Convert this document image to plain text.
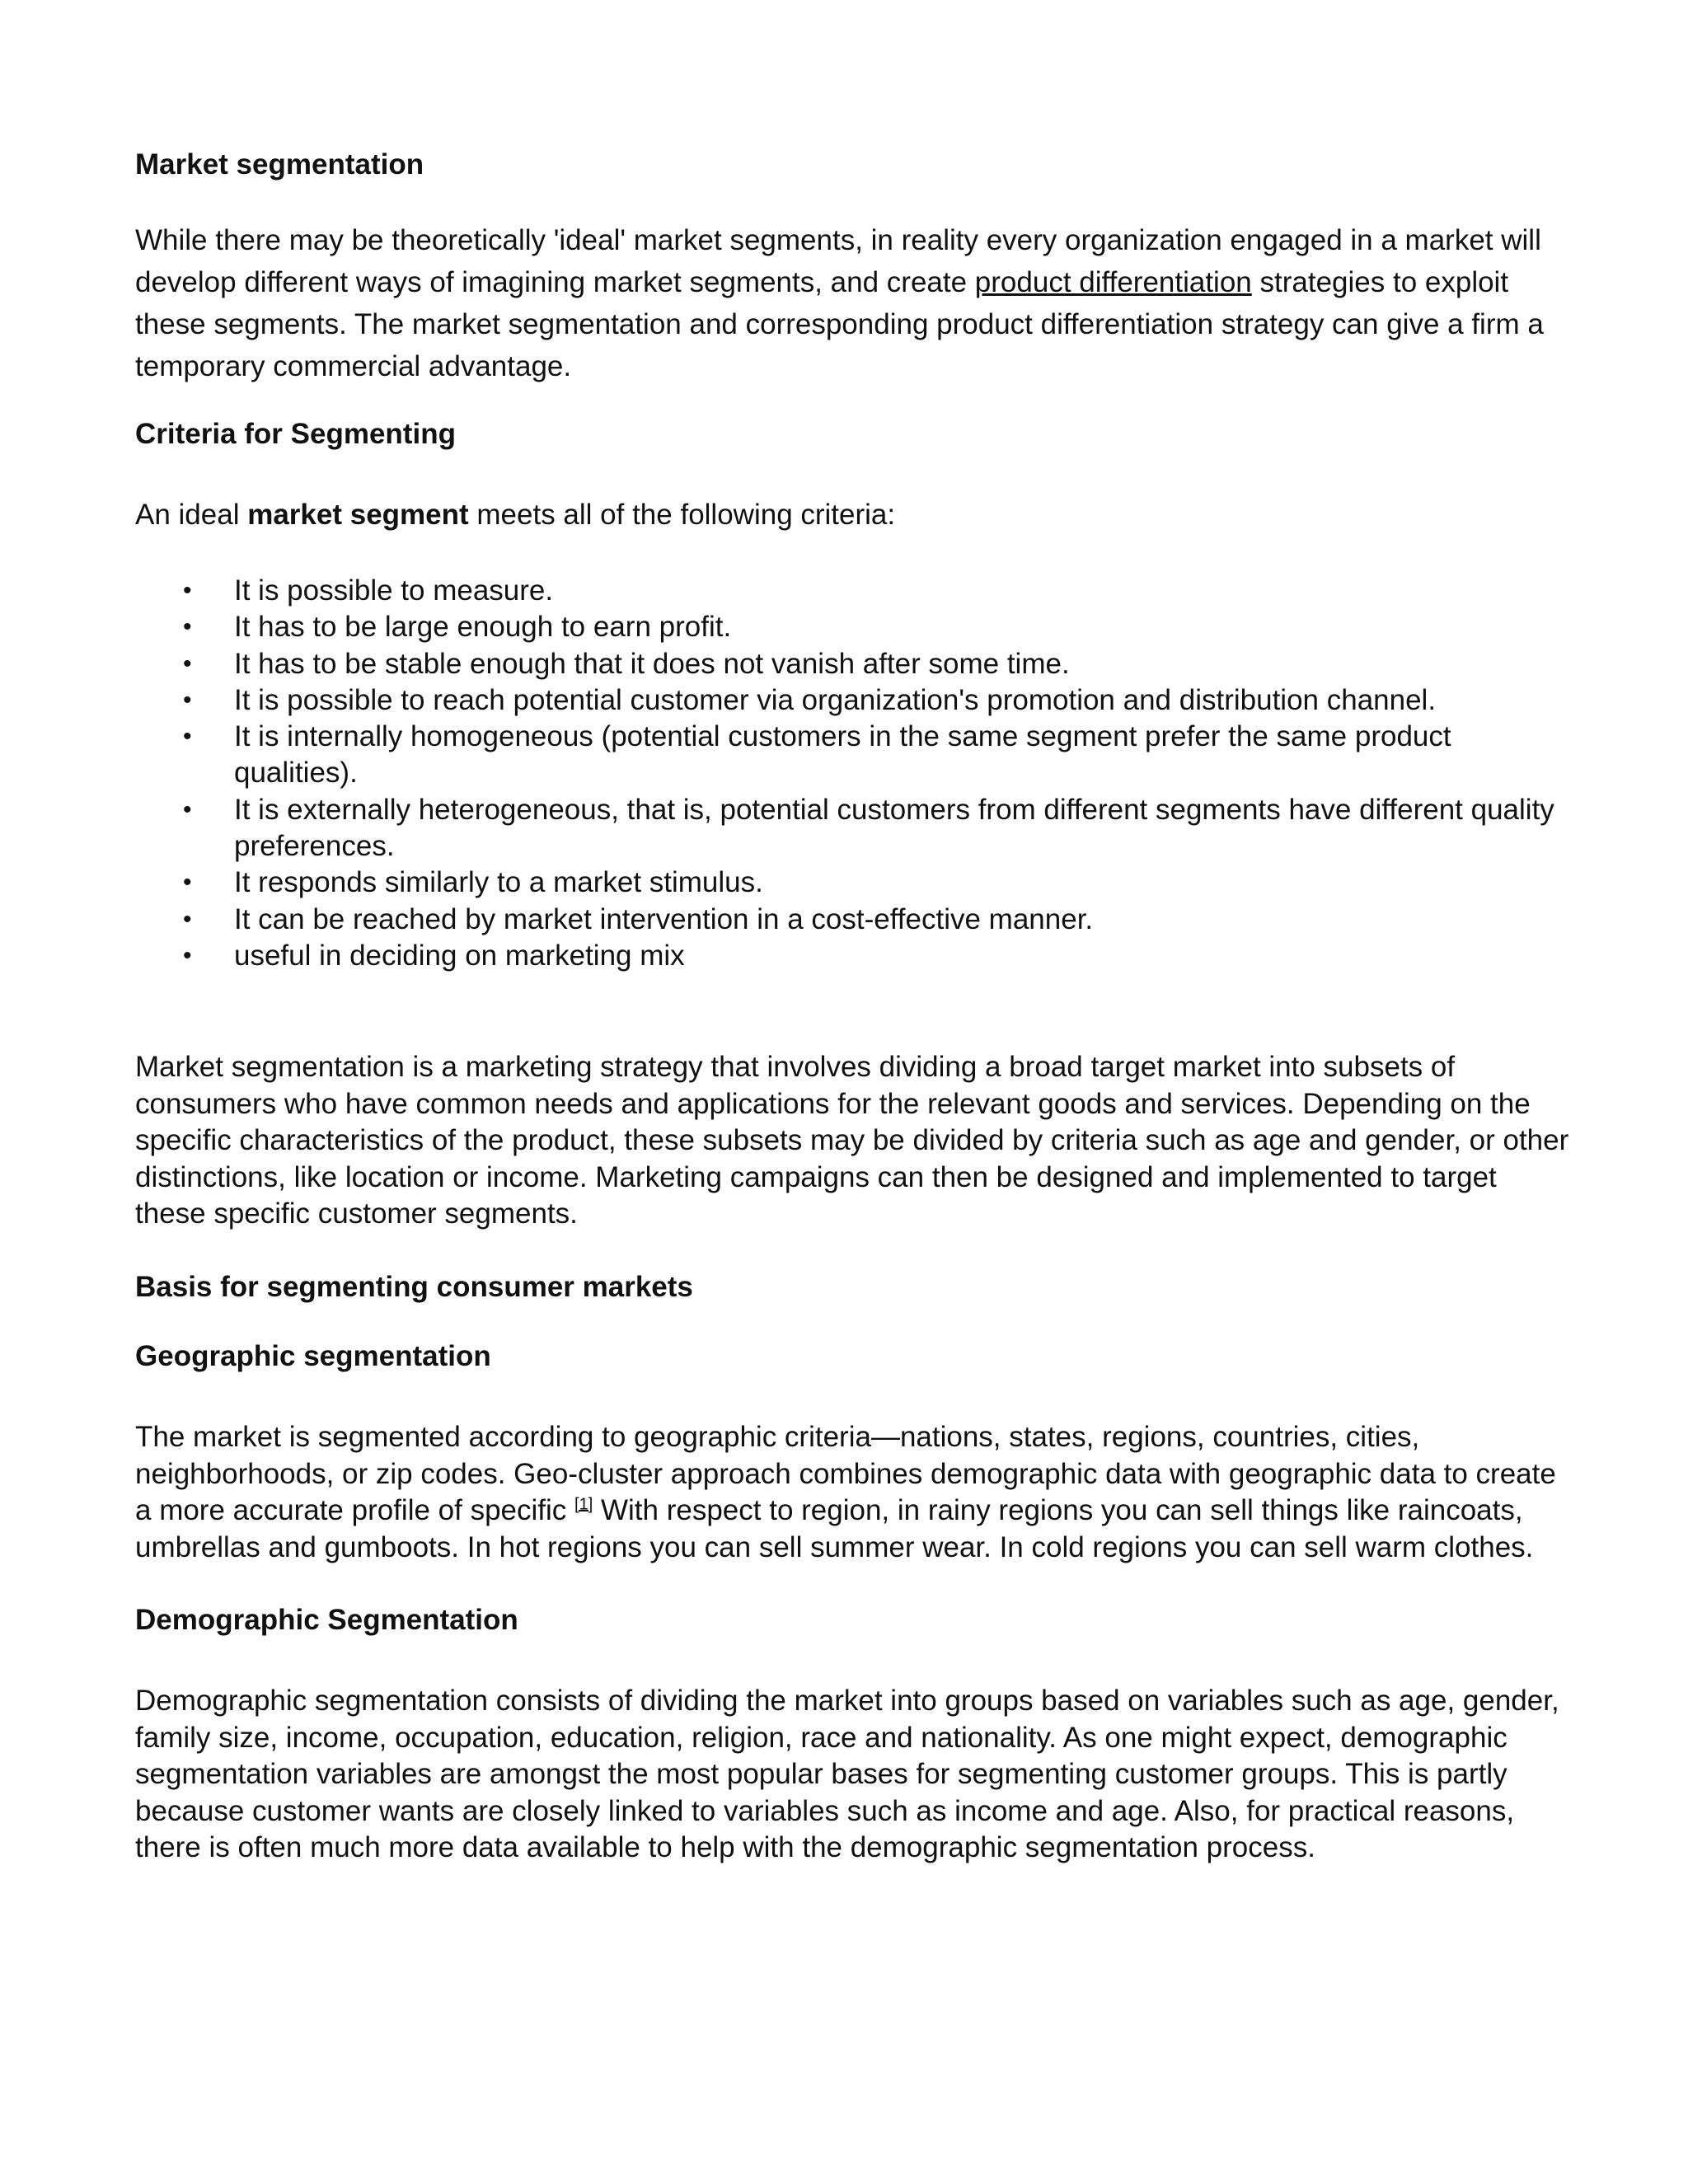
Market segmentation

While there may be theoretically 'ideal' market segments, in reality every organization engaged in a market will develop different ways of imagining market segments, and create product differentiation strategies to exploit these segments. The market segmentation and corresponding product differentiation strategy can give a firm a temporary commercial advantage.

Criteria for Segmenting

An ideal market segment meets all of the following criteria:

• It is possible to measure.
• It has to be large enough to earn profit.
• It has to be stable enough that it does not vanish after some time.
• It is possible to reach potential customer via organization's promotion and distribution channel.
• It is internally homogeneous (potential customers in the same segment prefer the same product qualities).
• It is externally heterogeneous, that is, potential customers from different segments have different quality preferences.
• It responds similarly to a market stimulus.
• It can be reached by market intervention in a cost-effective manner.
• useful in deciding on marketing mix

Market segmentation is a marketing strategy that involves dividing a broad target market into subsets of consumers who have common needs and applications for the relevant goods and services. Depending on the specific characteristics of the product, these subsets may be divided by criteria such as age and gender, or other distinctions, like location or income. Marketing campaigns can then be designed and implemented to target these specific customer segments.

Basis for segmenting consumer markets
Geographic segmentation

The market is segmented according to geographic criteria—nations, states, regions, countries, cities, neighborhoods, or zip codes. Geo-cluster approach combines demographic data with geographic data to create a more accurate profile of specific [1] With respect to region, in rainy regions you can sell things like raincoats, umbrellas and gumboots. In hot regions you can sell summer wear. In cold regions you can sell warm clothes.

Demographic Segmentation

Demographic segmentation consists of dividing the market into groups based on variables such as age, gender, family size, income, occupation, education, religion, race and nationality. As one might expect, demographic segmentation variables are amongst the most popular bases for segmenting customer groups. This is partly because customer wants are closely linked to variables such as income and age. Also, for practical reasons, there is often much more data available to help with the demographic segmentation process.
